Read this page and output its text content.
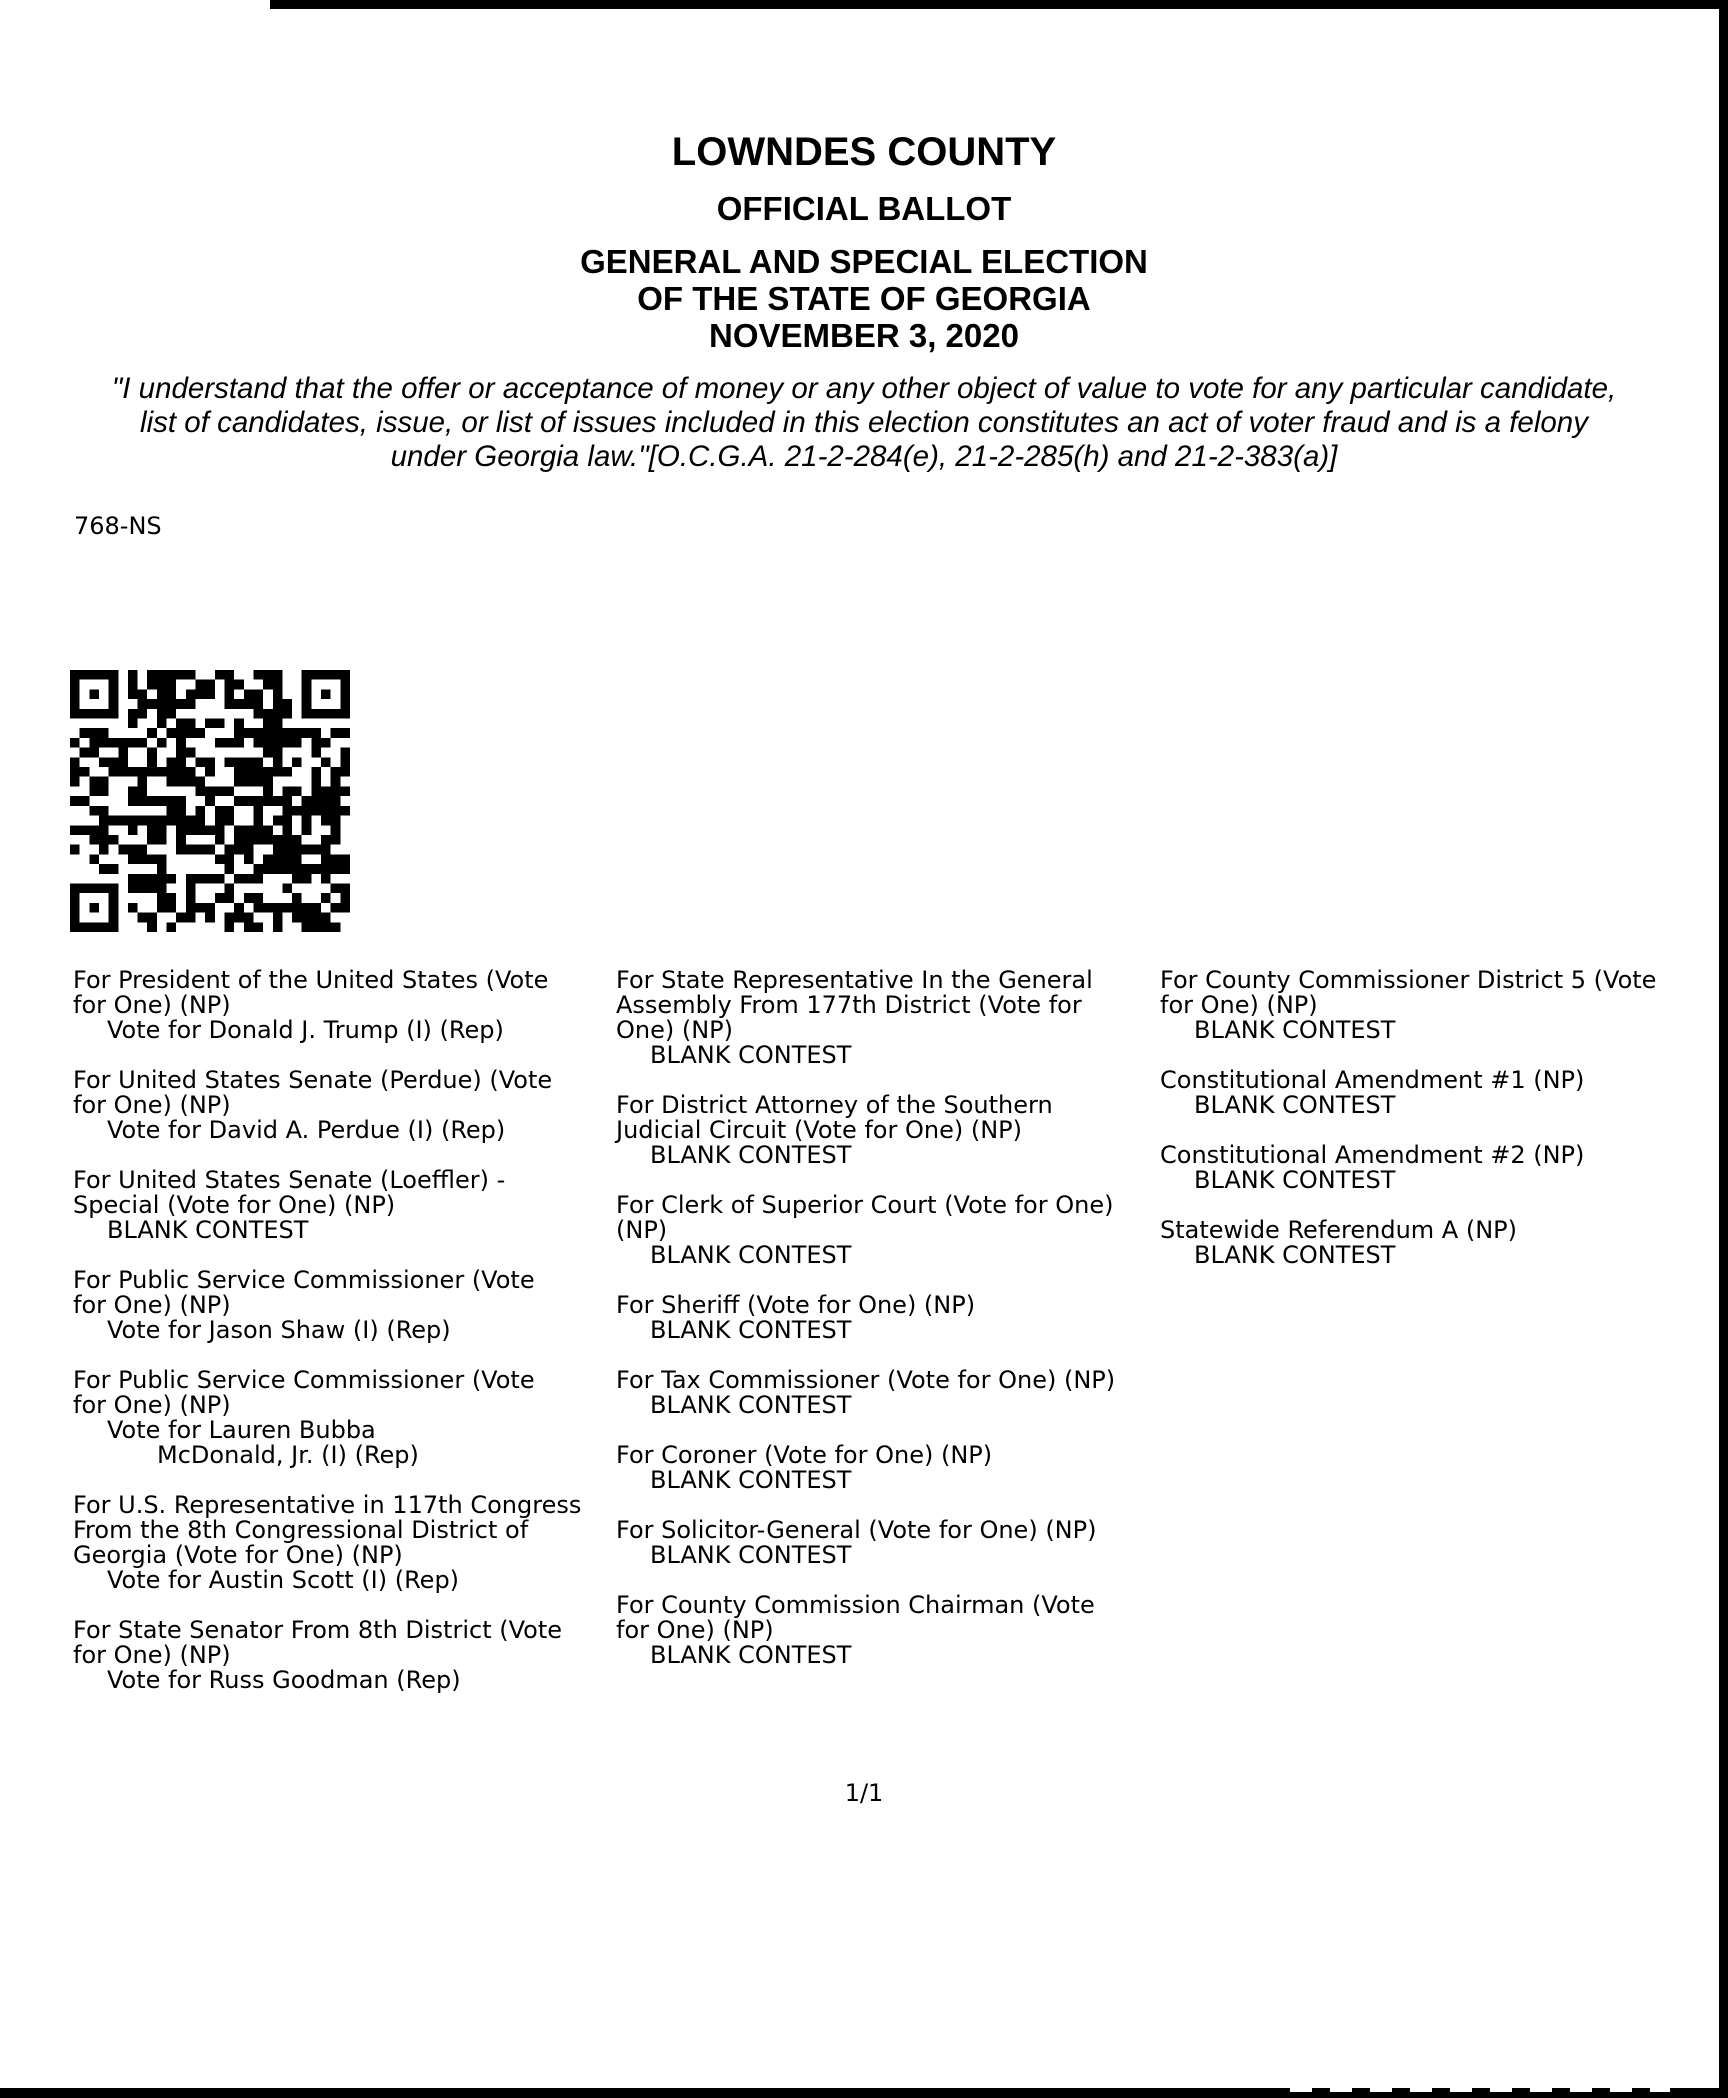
LOWNDES COUNTY
OFFICIAL BALLOT
GENERAL AND SPECIAL ELECTION
OF THE STATE OF GEORGIA
NOVEMBER 3, 2020
"I understand that the offer or acceptance of money or any other object of value to vote for any particular candidate,
list of candidates, issue, or list of issues included in this election constitutes an act of voter fraud and is a felony
under Georgia law."[O.C.G.A. 21-2-284(e), 21-2-285(h) and 21-2-383(a)]
768-NS
For President of the United States (Vote
for One) (NP)
Vote for Donald J. Trump (I) (Rep)
For United States Senate (Perdue) (Vote
for One) (NP)
Vote for David A. Perdue (I) (Rep)
For United States Senate (Loeffler) -
Special (Vote for One) (NP)
BLANK CONTEST
For Public Service Commissioner (Vote
for One) (NP)
Vote for Jason Shaw (I) (Rep)
For Public Service Commissioner (Vote
for One) (NP)
Vote for Lauren Bubba
McDonald, Jr. (I) (Rep)
For U.S. Representative in 117th Congress
From the 8th Congressional District of
Georgia (Vote for One) (NP)
Vote for Austin Scott (I) (Rep)
For State Senator From 8th District (Vote
for One) (NP)
Vote for Russ Goodman (Rep)
For State Representative In the General
Assembly From 177th District (Vote for
One) (NP)
BLANK CONTEST
For District Attorney of the Southern
Judicial Circuit (Vote for One) (NP)
BLANK CONTEST
For Clerk of Superior Court (Vote for One)
(NP)
BLANK CONTEST
For Sheriff (Vote for One) (NP)
BLANK CONTEST
For Tax Commissioner (Vote for One) (NP)
BLANK CONTEST
For Coroner (Vote for One) (NP)
BLANK CONTEST
For Solicitor-General (Vote for One) (NP)
BLANK CONTEST
For County Commission Chairman (Vote
for One) (NP)
BLANK CONTEST
For County Commissioner District 5 (Vote
for One) (NP)
BLANK CONTEST
Constitutional Amendment #1 (NP)
BLANK CONTEST
Constitutional Amendment #2 (NP)
BLANK CONTEST
Statewide Referendum A (NP)
BLANK CONTEST
1/1
